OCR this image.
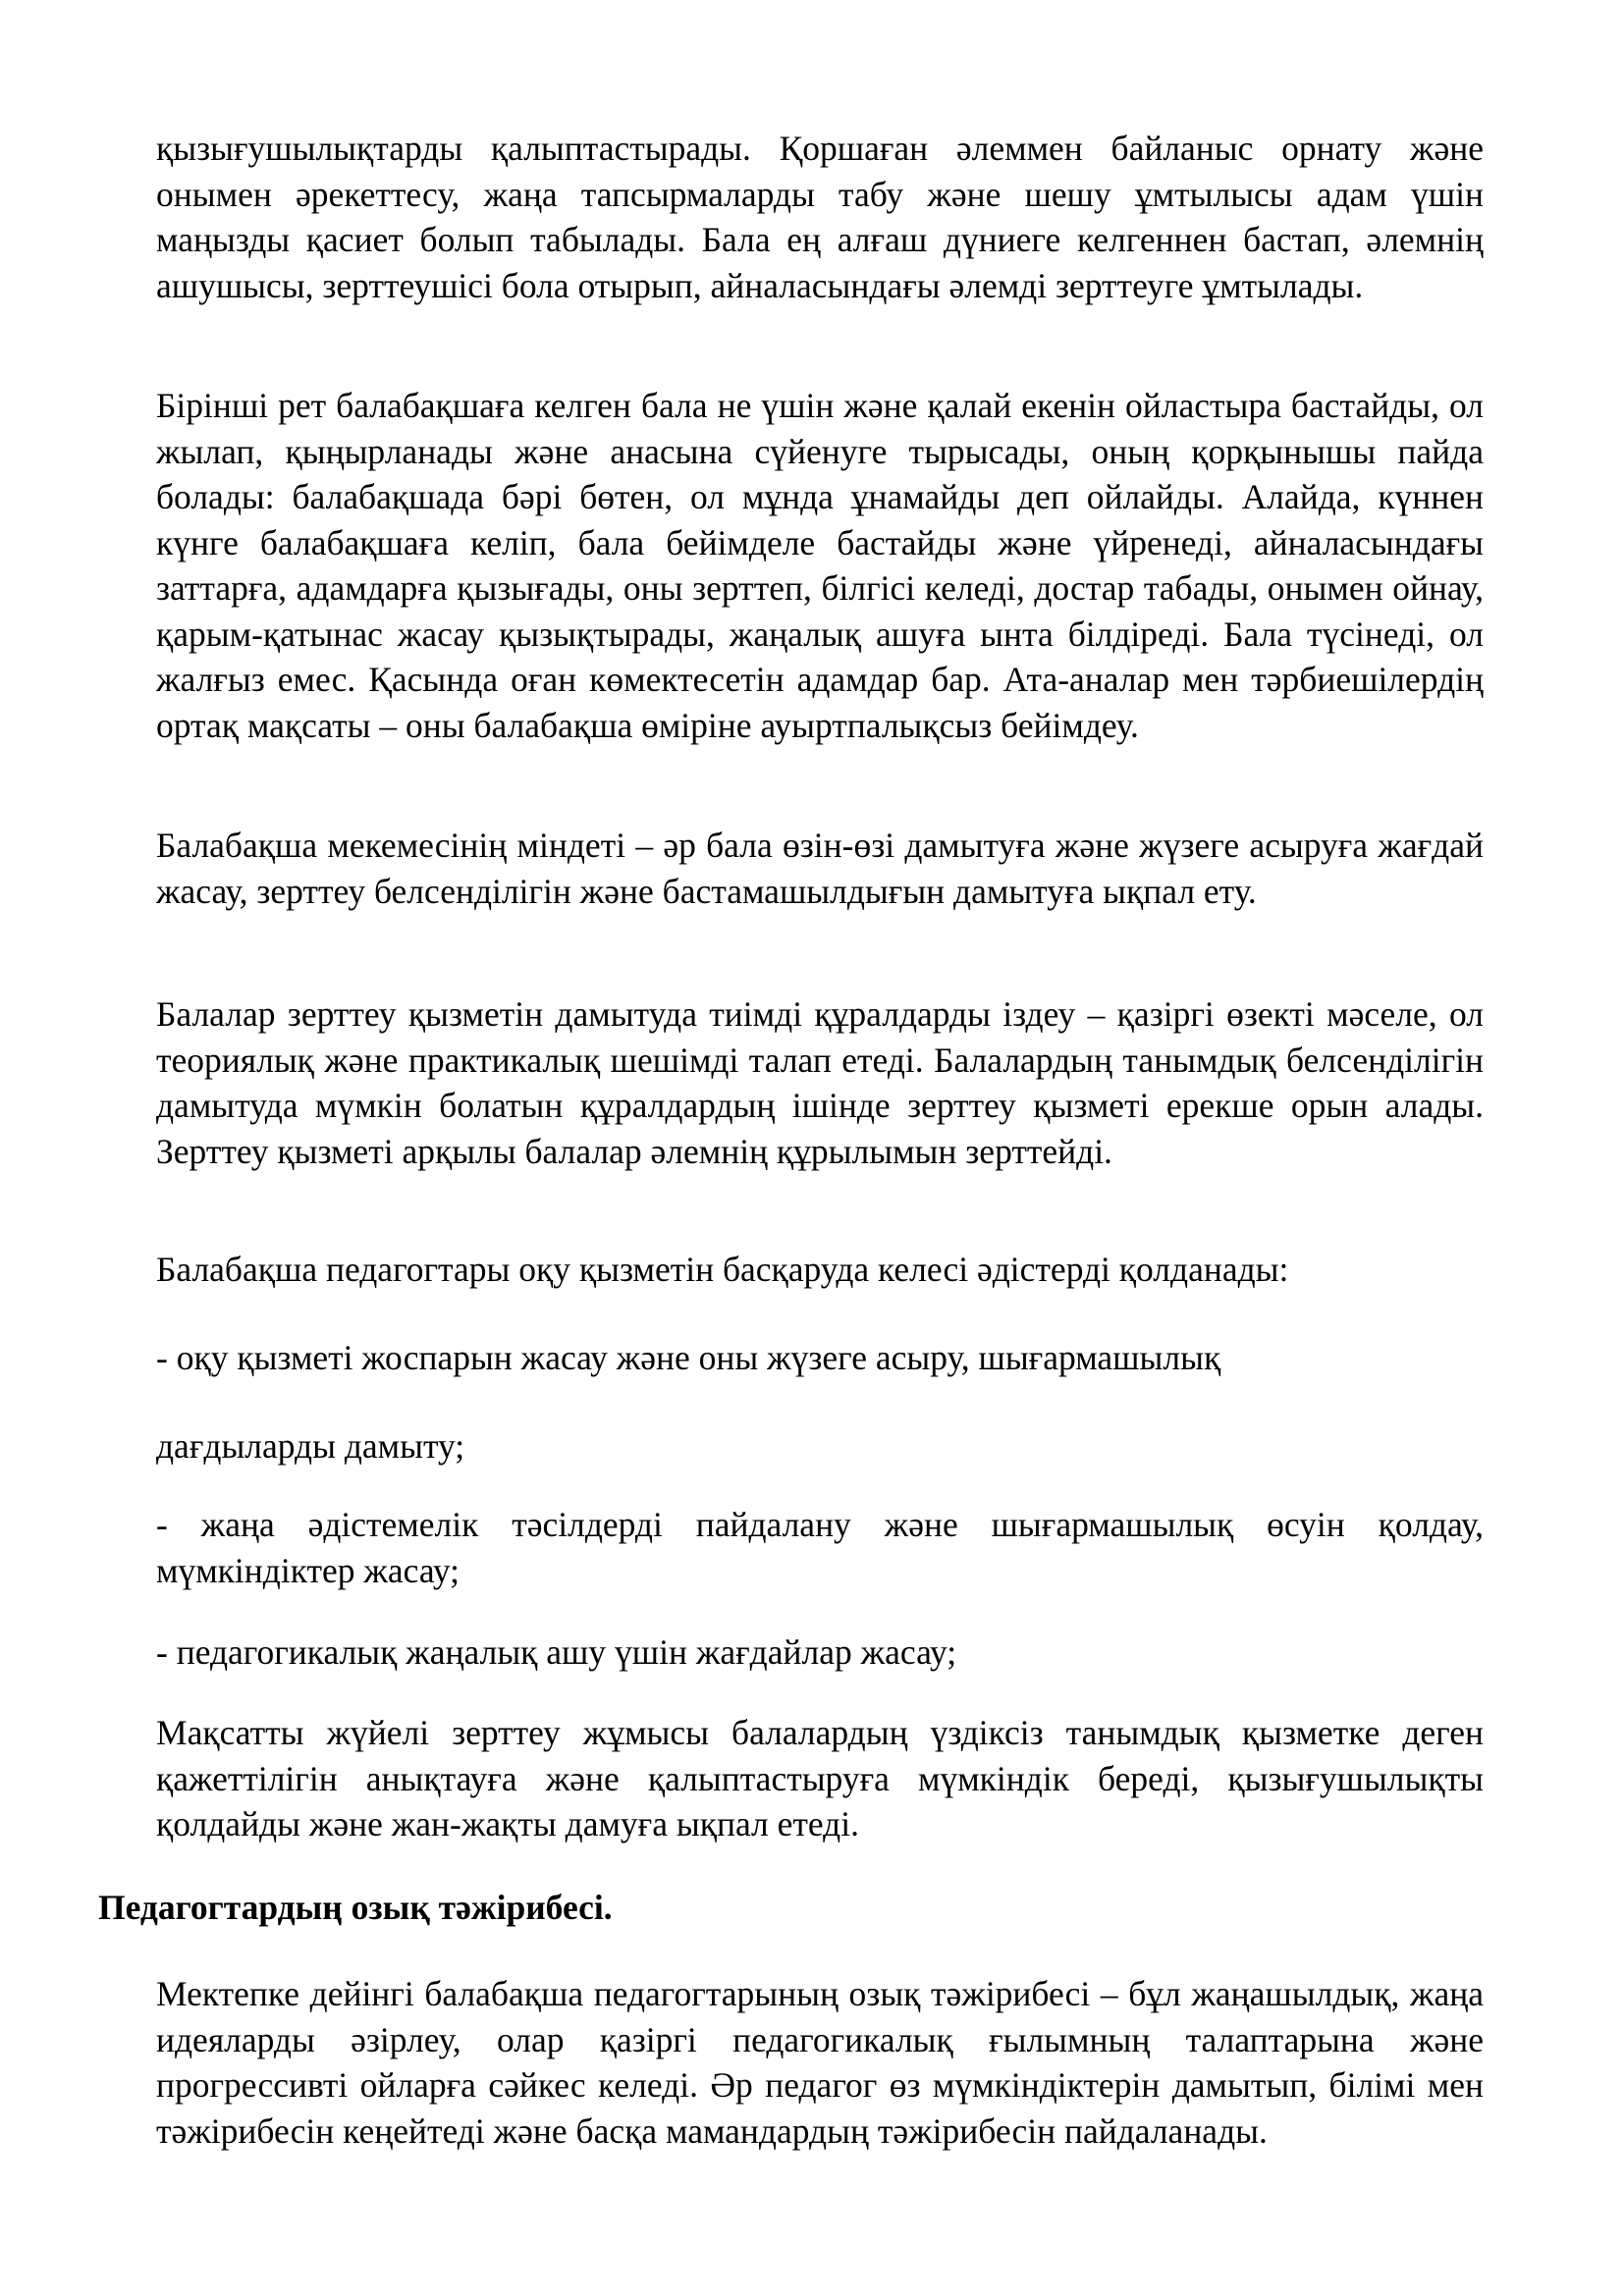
қызығушылықтарды қалыптастырады. Қоршаған әлеммен байланыс орнату және онымен әрекеттесу, жаңа тапсырмаларды табу және шешу ұмтылысы адам үшін маңызды қасиет болып табылады. Бала ең алғаш дүниеге келгеннен бастап, әлемнің ашушысы, зерттеушісі бола отырып, айналасындағы әлемді зерттеуге ұмтылады.

Бірінші рет балабақшаға келген бала не үшін және қалай екенін ойластыра бастайды, ол жылап, қыңырланады және анасына сүйенуге тырысады, оның қорқынышы пайда болады: балабақшада бәрі бөтен, ол мұнда ұнамайды деп ойлайды. Алайда, күннен күнге балабақшаға келіп, бала бейімделе бастайды және үйренеді, айналасындағы заттарға, адамдарға қызығады, оны зерттеп, білгісі келеді, достар табады, онымен ойнау, қарым-қатынас жасау қызықтырады, жаңалық ашуға ынта білдіреді. Бала түсінеді, ол жалғыз емес. Қасында оған көмектесетін адамдар бар. Ата-аналар мен тәрбиешілердің ортақ мақсаты – оны балабақша өміріне ауыртпалықсыз бейімдеу.

Балабақша мекемесінің міндеті – әр бала өзін-өзі дамытуға және жүзеге асыруға жағдай жасау, зерттеу белсенділігін және бастамашылдығын дамытуға ықпал ету.

Балалар зерттеу қызметін дамытуда тиімді құралдарды іздеу – қазіргі өзекті мәселе, ол теориялық және практикалық шешімді талап етеді. Балалардың танымдық белсенділігін дамытуда мүмкін болатын құралдардың ішінде зерттеу қызметі ерекше орын алады. Зерттеу қызметі арқылы балалар әлемнің құрылымын зерттейді.

Балабақша педагогтары оқу қызметін басқаруда келесі әдістерді қолданады:

- оқу қызметі жоспарын жасау және оны жүзеге асыру, шығармашылық

дағдыларды дамыту;

- жаңа әдістемелік тәсілдерді пайдалану және шығармашылық өсуін қолдау, мүмкіндіктер жасау;

- педагогикалық жаңалық ашу үшін жағдайлар жасау;

Мақсатты жүйелі зерттеу жұмысы балалардың үздіксіз танымдық қызметке деген қажеттілігін анықтауға және қалыптастыруға мүмкіндік береді, қызығушылықты қолдайды және жан-жақты дамуға ықпал етеді.

Педагогтардың озық тәжірибесі.

Мектепке дейінгі балабақша педагогтарының озық тәжірибесі – бұл жаңашылдық, жаңа идеяларды әзірлеу, олар қазіргі педагогикалық ғылымның талаптарына және прогрессивті ойларға сәйкес келеді. Әр педагог өз мүмкіндіктерін дамытып, білімі мен тәжірибесін кеңейтеді және басқа мамандардың тәжірибесін пайдаланады.
